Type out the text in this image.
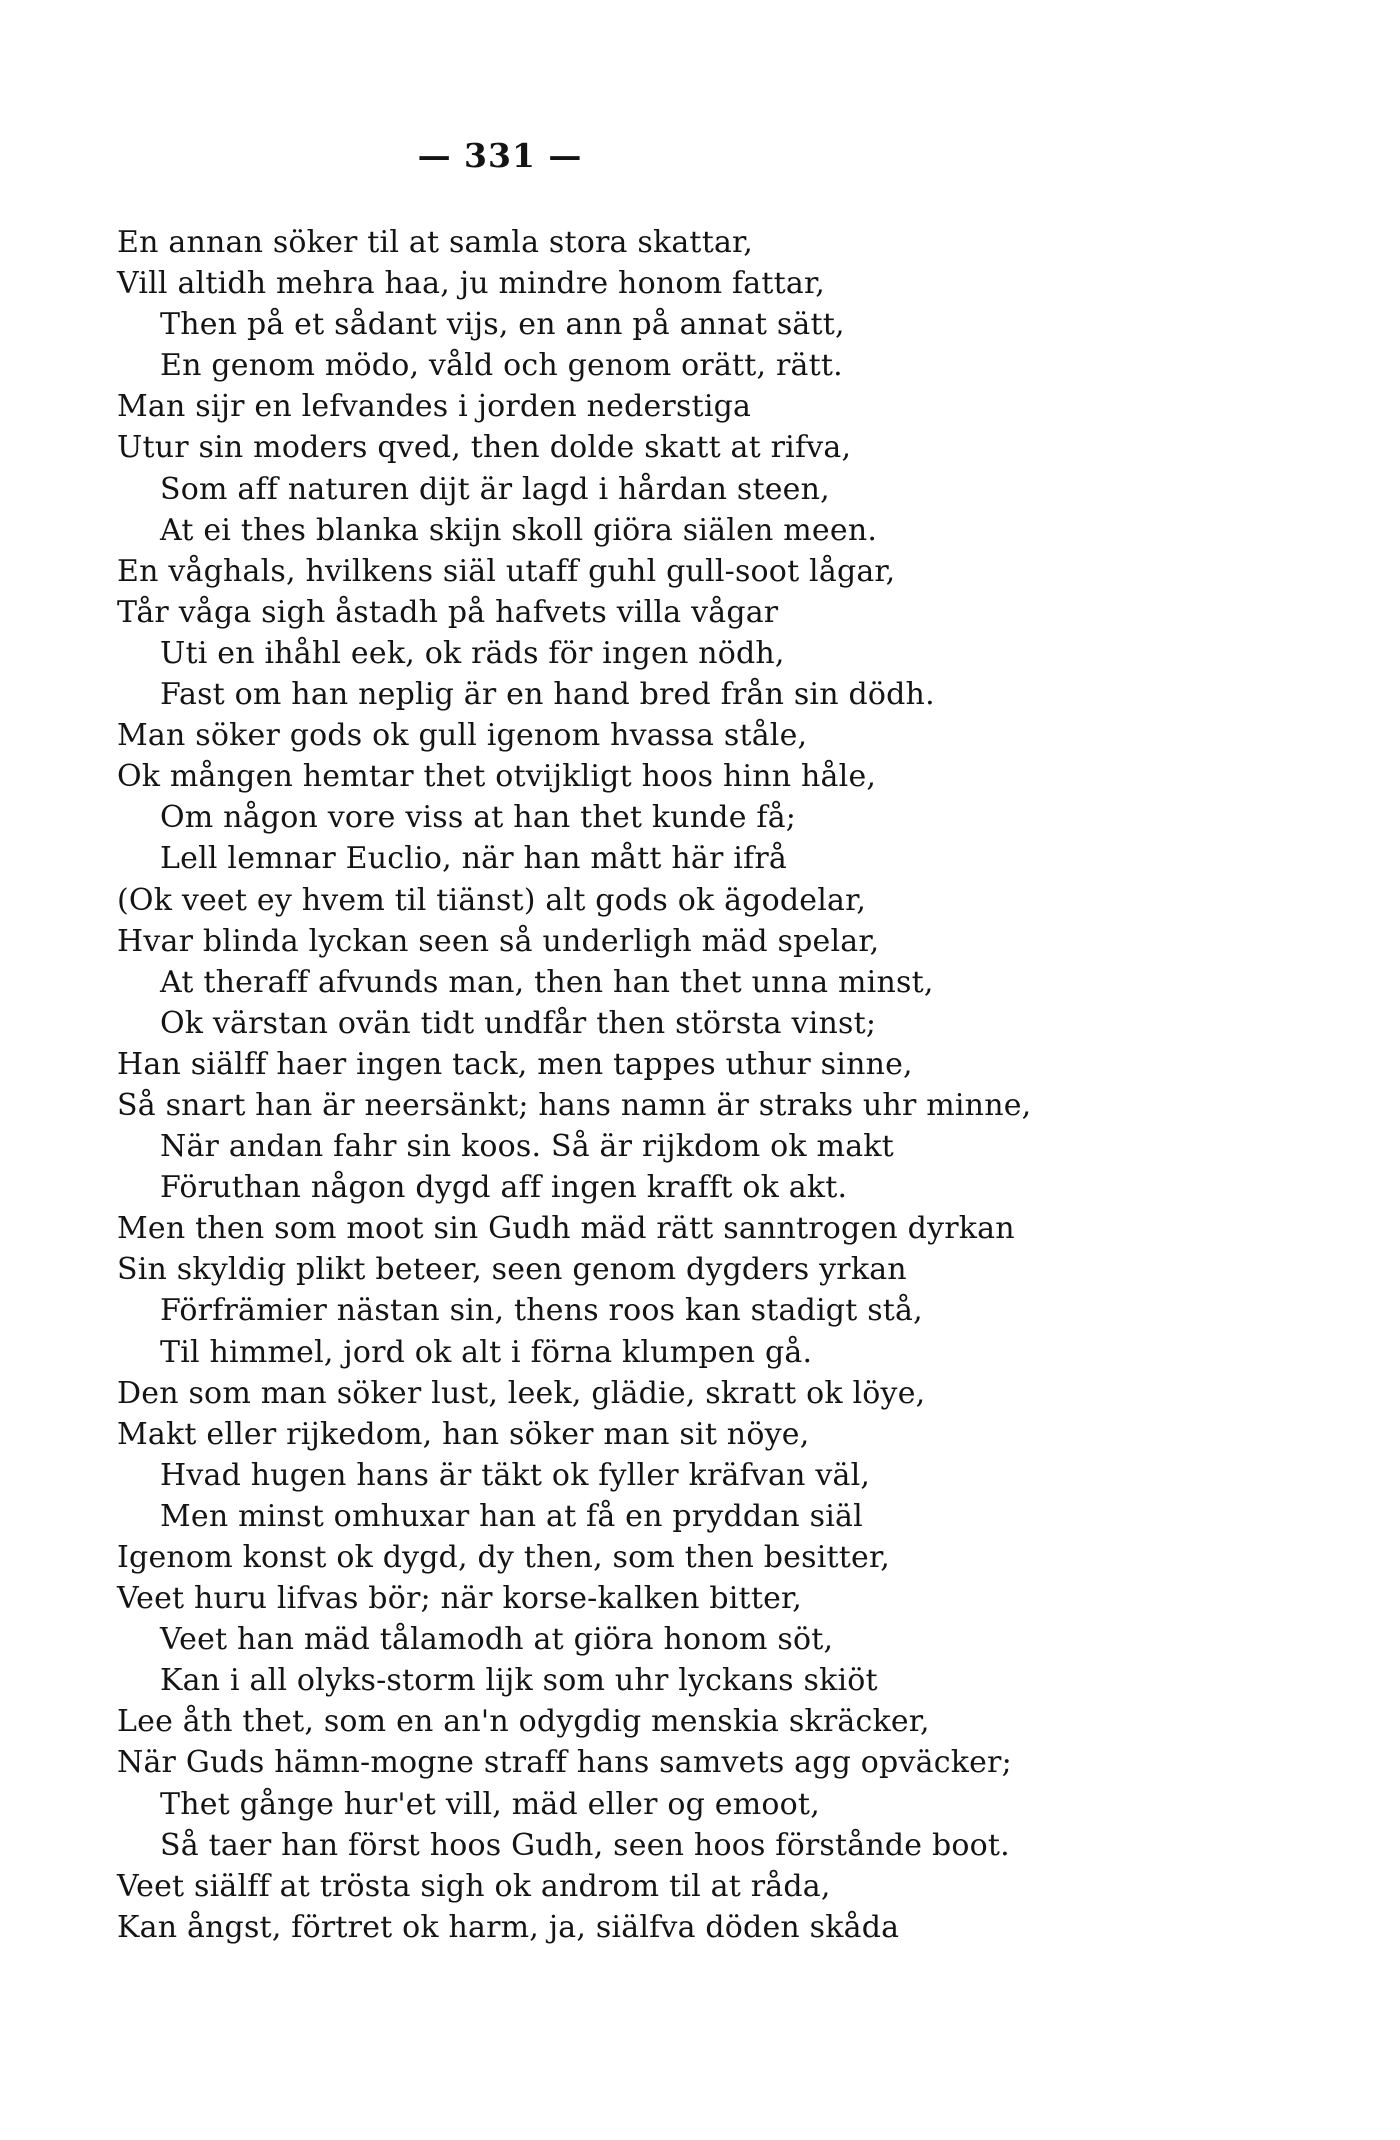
— 331 —
En annan söker til at samla stora skattar,
Vill altidh mehra haa, ju mindre honom fattar,
Then på et sådant vijs, en ann på annat sätt,
En genom mödo, våld och genom orätt, rätt.
Man sijr en lefvandes i jorden nederstiga
Utur sin moders qved, then dolde skatt at rifva,
Som aff naturen dijt är lagd i hårdan steen,
At ei thes blanka skijn skoll giöra siälen meen.
En våghals, hvilkens siäl utaff guhl gull-soot lågar,
Tår våga sigh åstadh på hafvets villa vågar
Uti en ihåhl eek, ok räds för ingen nödh,
Fast om han neplig är en hand bred från sin dödh.
Man söker gods ok gull igenom hvassa ståle,
Ok mången hemtar thet otvijkligt hoos hinn håle,
Om någon vore viss at han thet kunde få;
Lell lemnar Euclio, när han mått här ifrå
(Ok veet ey hvem til tiänst) alt gods ok ägodelar,
Hvar blinda lyckan seen så underligh mäd spelar,
At theraff afvunds man, then han thet unna minst,
Ok värstan ovän tidt undfår then största vinst;
Han siälff haer ingen tack, men tappes uthur sinne,
Så snart han är neersänkt; hans namn är straks uhr minne,
När andan fahr sin koos. Så är rijkdom ok makt
Föruthan någon dygd aff ingen krafft ok akt.
Men then som moot sin Gudh mäd rätt sanntrogen dyrkan
Sin skyldig plikt beteer, seen genom dygders yrkan
Förfrämier nästan sin, thens roos kan stadigt stå,
Til himmel, jord ok alt i förna klumpen gå.
Den som man söker lust, leek, glädie, skratt ok löye,
Makt eller rijkedom, han söker man sit nöye,
Hvad hugen hans är täkt ok fyller kräfvan väl,
Men minst omhuxar han at få en pryddan siäl
Igenom konst ok dygd, dy then, som then besitter,
Veet huru lifvas bör; när korse-kalken bitter,
Veet han mäd tålamodh at giöra honom söt,
Kan i all olyks-storm lijk som uhr lyckans skiöt
Lee åth thet, som en an'n odygdig menskia skräcker,
När Guds hämn-mogne straff hans samvets agg opväcker;
Thet gånge hur'et vill, mäd eller og emoot,
Så taer han först hoos Gudh, seen hoos förstånde boot.
Veet siälff at trösta sigh ok androm til at råda,
Kan ångst, förtret ok harm, ja, siälfva döden skåda
